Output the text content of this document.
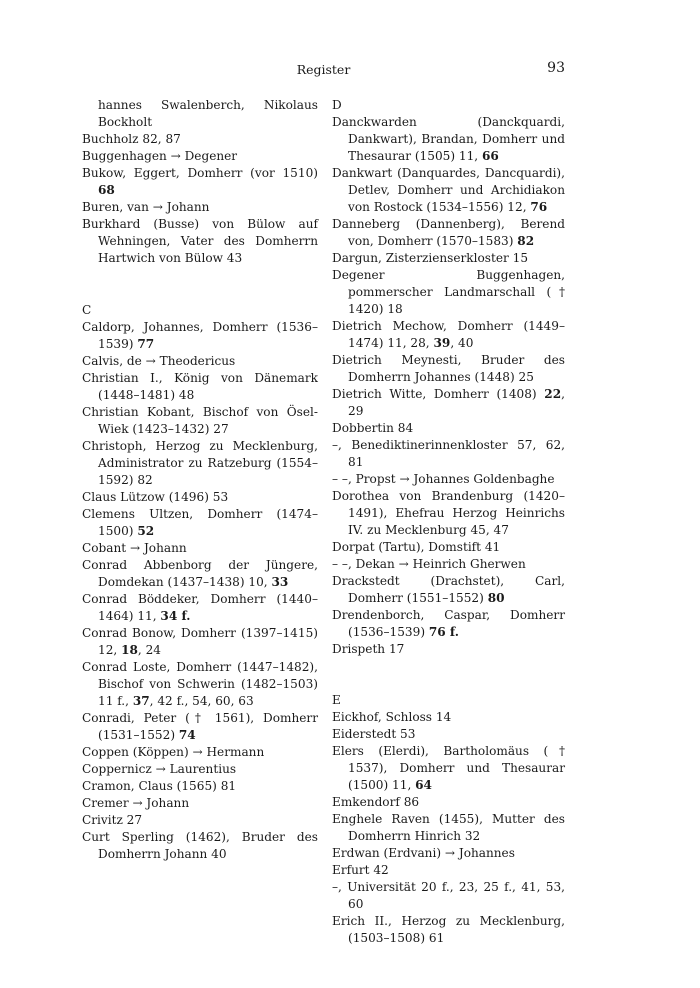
Register	93
hannes Swalenberch, Nikolaus Bockholt
Buchholz 82, 87
Buggenhagen → Degener
Bukow, Eggert, Domherr (vor 1510) 68
Buren, van → Johann
Burkhard (Busse) von Bülow auf Wehningen, Vater des Domherrn Hartwich von Bülow 43
C
Caldorp, Johannes, Domherr (1536–1539) 77
Calvis, de → Theodericus
Christian I., König von Dänemark (1448–1481) 48
Christian Kobant, Bischof von Ösel-Wiek (1423–1432) 27
Christoph, Herzog zu Mecklenburg, Administrator zu Ratzeburg (1554–1592) 82
Claus Lützow (1496) 53
Clemens Ultzen, Domherr (1474–1500) 52
Cobant → Johann
Conrad Abbenborg der Jüngere, Domdekan (1437–1438) 10, 33
Conrad Böddeker, Domherr (1440–1464) 11, 34 f.
Conrad Bonow, Domherr (1397–1415) 12, 18, 24
Conrad Loste, Domherr (1447–1482), Bischof von Schwerin (1482–1503) 11 f., 37, 42 f., 54, 60, 63
Conradi, Peter († 1561), Domherr (1531–1552) 74
Coppen (Köppen) → Hermann
Coppernicz → Laurentius
Cramon, Claus (1565) 81
Cremer → Johann
Crivitz 27
Curt Sperling (1462), Bruder des Domherrn Johann 40
D
Danckwarden (Danckquardi, Dankwart), Brandan, Domherr und Thesaurar (1505) 11, 66
Dankwart (Danquardes, Dancquardi), Detlev, Domherr und Archidiakon von Rostock (1534–1556) 12, 76
Danneberg (Dannenberg), Berend von, Domherr (1570–1583) 82
Dargun, Zisterzienserkloster 15
Degener Buggenhagen, pommerscher Landmarschall († 1420) 18
Dietrich Mechow, Domherr (1449–1474) 11, 28, 39, 40
Dietrich Meynesti, Bruder des Domherrn Johannes (1448) 25
Dietrich Witte, Domherr (1408) 22, 29
Dobbertin 84
–, Benediktinerinnenkloster 57, 62, 81
– –, Propst → Johannes Goldenbaghe
Dorothea von Brandenburg (1420–1491), Ehefrau Herzog Heinrichs IV. zu Mecklenburg 45, 47
Dorpat (Tartu), Domstift 41
– –, Dekan → Heinrich Gherwen
Drackstedt (Drachstet), Carl, Domherr (1551–1552) 80
Drendenborch, Caspar, Domherr (1536–1539) 76 f.
Drispeth 17
E
Eickhof, Schloss 14
Eiderstedt 53
Elers (Elerdi), Bartholomäus († 1537), Domherr und Thesaurar (1500) 11, 64
Emkendorf 86
Enghele Raven (1455), Mutter des Domherrn Hinrich 32
Erdwan (Erdvani) → Johannes
Erfurt 42
–, Universität 20 f., 23, 25 f., 41, 53, 60
Erich II., Herzog zu Mecklenburg, (1503–1508) 61
